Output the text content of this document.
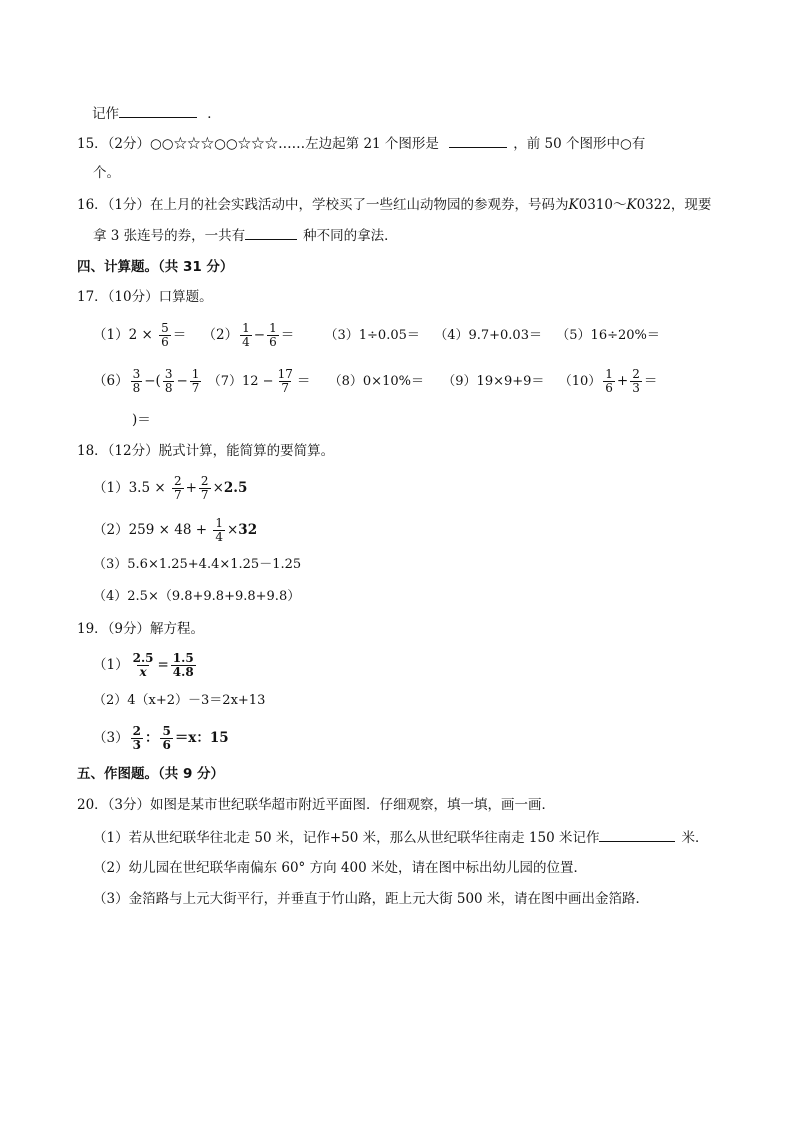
记作	．
15．（2分）○○☆☆☆○○☆☆☆……左边起第 21 个图形是	，前 50 个图形中○有
个。
16．（1分）在上月的社会实践活动中，学校买了一些红山动物园的参观券，号码为K0310～K0322，现要
拿 3 张连号的券，一共有	种不同的拿法．
四、计算题。（共 31 分）
17．（10分）口算题。
$(1)2 \times \frac{5}{6} = (2) \frac{1}{4} - \frac{1}{6} = (3)1\div 0.05= (4)9.7+0.03= (5)16\div 20\%=$
$(6) \frac{3}{8}$ −( $\frac{3}{8} - \frac{1}{7} (7)12 - \frac{17}{7} = (8)0\times 10\%= (9)19\times 9+9= (10) \frac{1}{6} + \frac{2}{3}$ ＝
)＝
18．（12分）脱式计算，能简算的要简算。
$(1)3.5 \times \frac{2}{7} + \frac{2}{7} \times 2.5$
$(2)259 \times 48 + \frac{1}{4} \times 32$
（3）5.6×1.25+4.4×1.25－1.25
（4）2.5×（9.8+9.8+9.8+9.8）
19．（9分）解方程。
$(1) \frac{2.5}{x} = \frac{1.5}{4.8}$
（2）4（x+2）－3＝2x+13
$(3) \frac{2}{3}$ ： $\frac{5}{6} =x$：15
五、作图题。（共 9 分）
20．（3分）如图是某市世纪联华超市附近平面图．仔细观察，填一填，画一画．
（1）若从世纪联华往北走 50 米，记作+50 米，那么从世纪联华往南走 150 米记作	米．
（2）幼儿园在世纪联华南偏东 60° 方向 400 米处，请在图中标出幼儿园的位置．
（3）金箔路与上元大街平行，并垂直于竹山路，距上元大街 500 米，请在图中画出金箔路．
